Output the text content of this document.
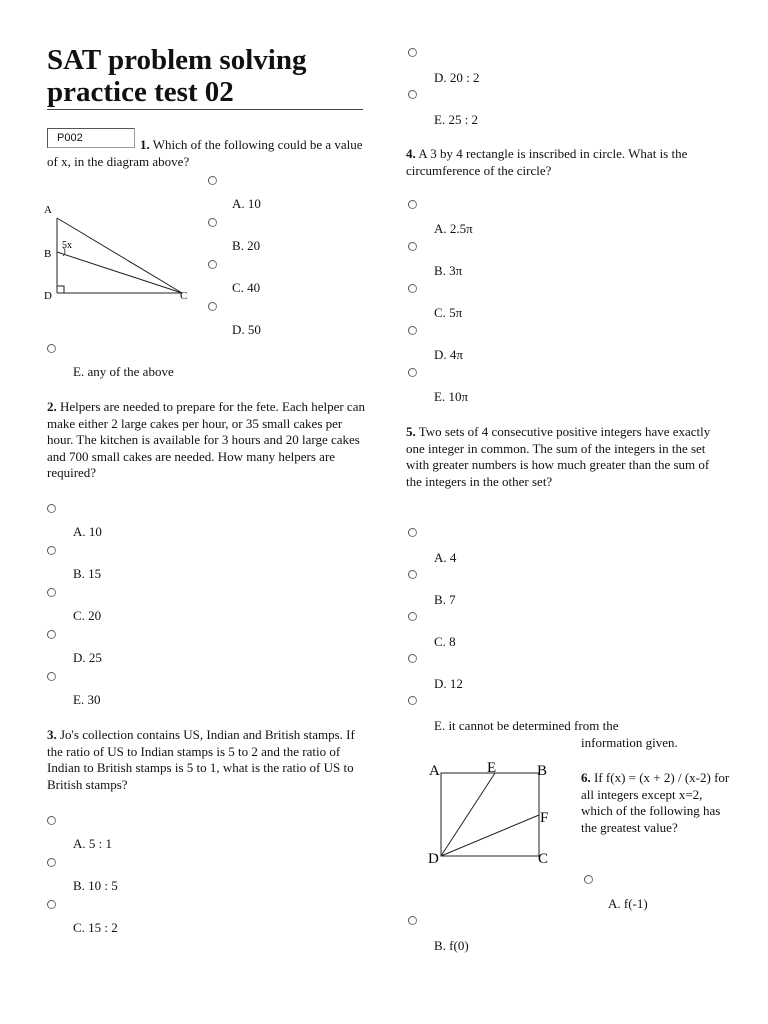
SAT problem solving practice test 02
P002	1. Which of the following could be a value of x, in the diagram above?

A
B
D	C
5x
A. 10
B. 20
C. 40
D. 50
E. any of the above

2. Helpers are needed to prepare for the fete. Each helper can make either 2 large cakes per hour, or 35 small cakes per hour. The kitchen is available for 3 hours and 20 large cakes and 700 small cakes are needed. How many helpers are required?

A. 10
B. 15
C. 20
D. 25
E. 30

3. Jo's collection contains US, Indian and British stamps. If the ratio of US to Indian stamps is 5 to 2 and the ratio of Indian to British stamps is 5 to 1, what is the ratio of US to British stamps?

A. 5 : 1
B. 10 : 5
C. 15 : 2
D. 20 : 2
E. 25 : 2

4. A 3 by 4 rectangle is inscribed in circle. What is the circumference of the circle?

A. 2.5π
B. 3π
C. 5π
D. 4π
E. 10π

5. Two sets of 4 consecutive positive integers have exactly one integer in common. The sum of the integers in the set with greater numbers is how much greater than the sum of the integers in the other set?

A. 4
B. 7
C. 8
D. 12
E. it cannot be determined from the
information given.
A	E	B
F
D	C

6. If f(x) = (x + 2) / (x-2) for all integers except x=2, which of the following has the greatest value?

A. f(-1)
B. f(0)
